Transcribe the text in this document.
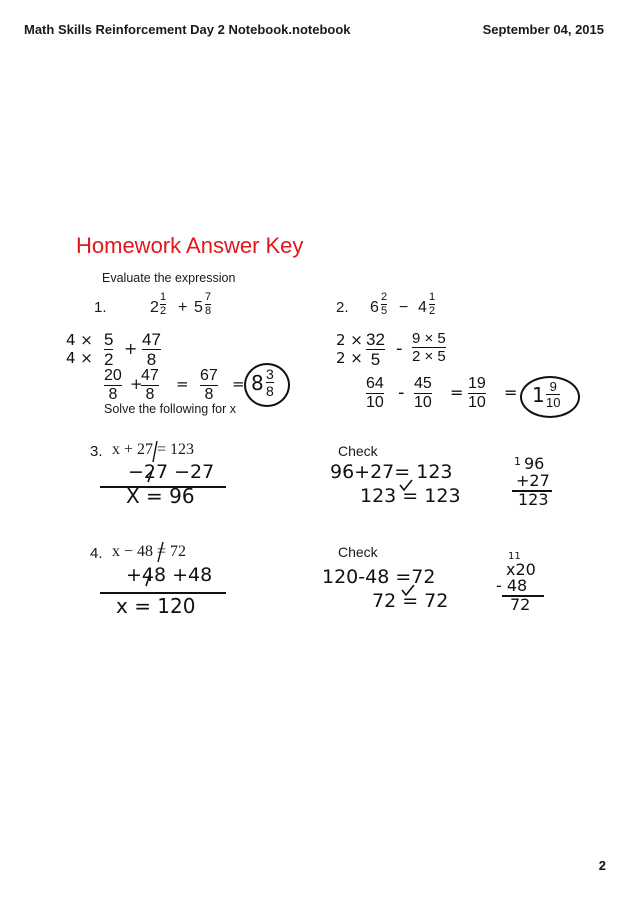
Math Skills Reinforcement Day 2 Notebook.notebook	September 04, 2015
Homework Answer Key
Evaluate the expression
1.	2
1
2 + 5
7
8
4 ×
4 ×
5
2
+ 47
8
20
8
+
47
8
= 67
8
= 8 3
8
Solve the following for x
2. 6
2
5 − 4
1
2
2 ×
2 ×
32
5
- 9 × 5
2 × 5
64
10 - 45
10
= 19
10
= 1 9
10
3. x + 27 = 123
−27 −27
X = 96
Check
96+27= 123
123 = 123
1 96
+27
123
4. x − 48 = 72
+48 +48
x = 120
Check
120-48 =72
72 = 72
11
x20
- 48
72
2
